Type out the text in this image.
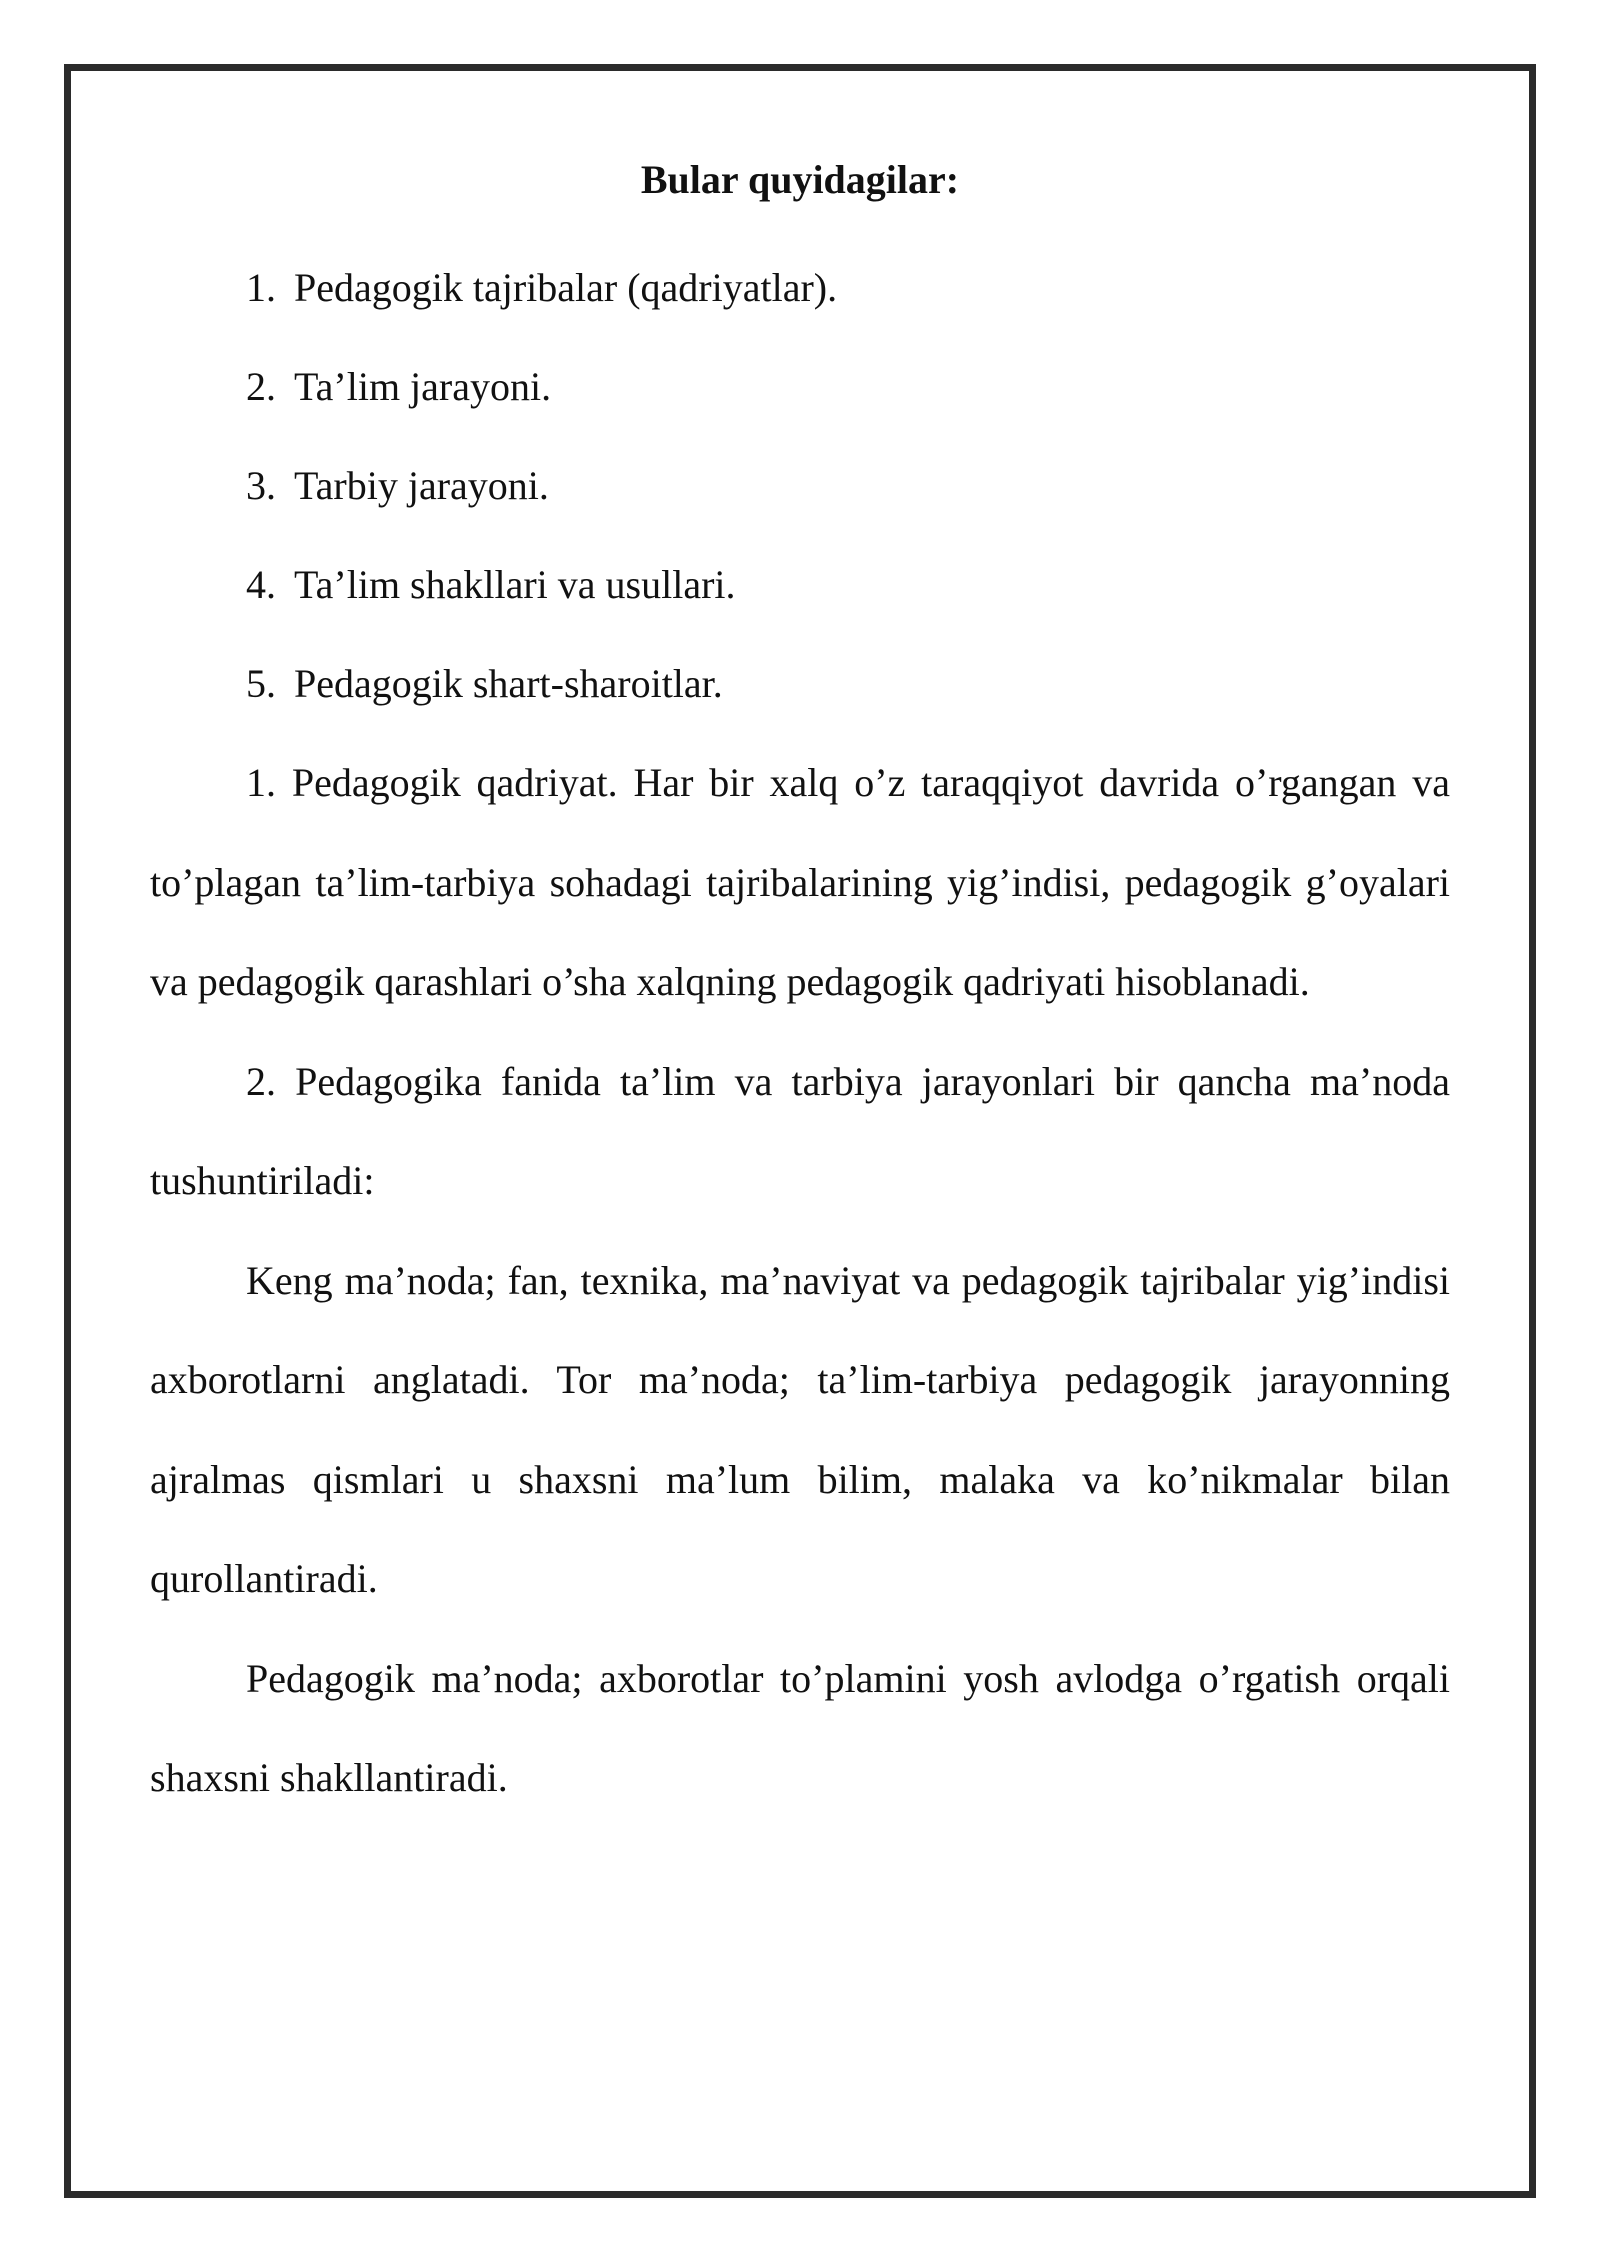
Bular quyidagilar:
1. Pedagogik tajribalar (qadriyatlar).
2. Ta’lim jarayoni.
3. Tarbiy jarayoni.
4. Ta’lim shakllari va usullari.
5. Pedagogik shart-sharoitlar.

1. Pedagogik qadriyat. Har bir xalq o’z taraqqiyot davrida o’rgangan va to’plagan ta’lim-tarbiya sohadagi tajribalarining yig’indisi, pedagogik g’oyalari va pedagogik qarashlari o’sha xalqning pedagogik qadriyati hisoblanadi.

2. Pedagogika fanida ta’lim va tarbiya jarayonlari bir qancha ma’noda tushuntiriladi:

Keng ma’noda; fan, texnika, ma’naviyat va pedagogik tajribalar yig’indisi axborotlarni anglatadi. Tor ma’noda; ta’lim-tarbiya pedagogik jarayonning ajralmas qismlari u shaxsni ma’lum bilim, malaka va ko’nikmalar bilan qurollantiradi.

Pedagogik ma’noda; axborotlar to’plamini yosh avlodga o’rgatish orqali shaxsni shakllantiradi.
